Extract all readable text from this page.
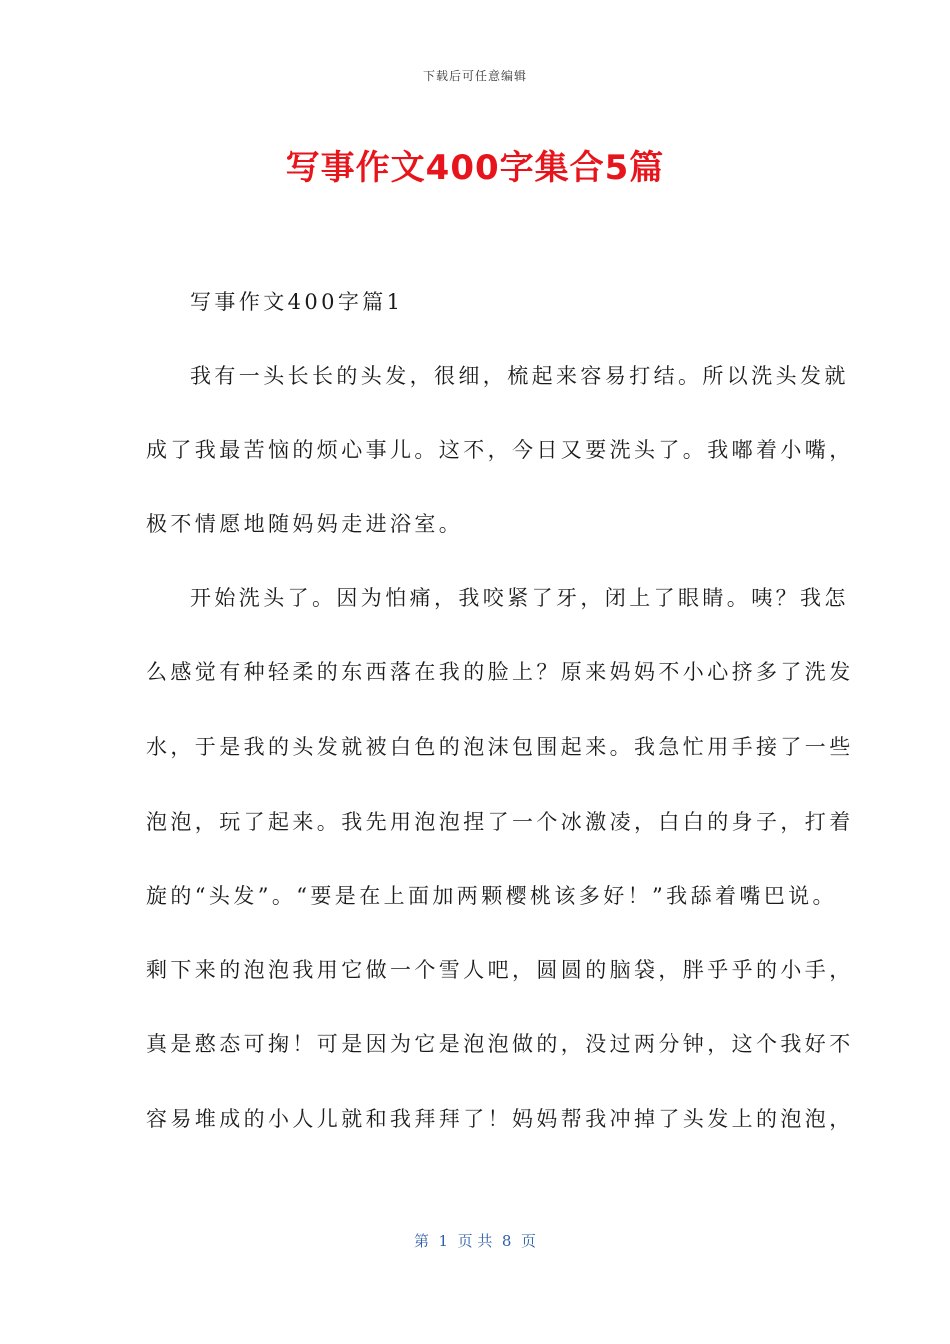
下载后可任意编辑
写事作文400字集合5篇
写事作文400字篇1
我有一头长长的头发，很细，梳起来容易打结。所以洗头发就
成了我最苦恼的烦心事儿。这不，今日又要洗头了。我嘟着小嘴，
极不情愿地随妈妈走进浴室。
开始洗头了。因为怕痛，我咬紧了牙，闭上了眼睛。咦？我怎
么感觉有种轻柔的东西落在我的脸上？原来妈妈不小心挤多了洗发
水，于是我的头发就被白色的泡沫包围起来。我急忙用手接了一些
泡泡，玩了起来。我先用泡泡捏了一个冰激凌，白白的身子，打着
旋的“头发”。“要是在上面加两颗樱桃该多好！”我舔着嘴巴说。
剩下来的泡泡我用它做一个雪人吧，圆圆的脑袋，胖乎乎的小手，
真是憨态可掬！可是因为它是泡泡做的，没过两分钟，这个我好不
容易堆成的小人儿就和我拜拜了！妈妈帮我冲掉了头发上的泡泡，
第  1  页 共  8  页
